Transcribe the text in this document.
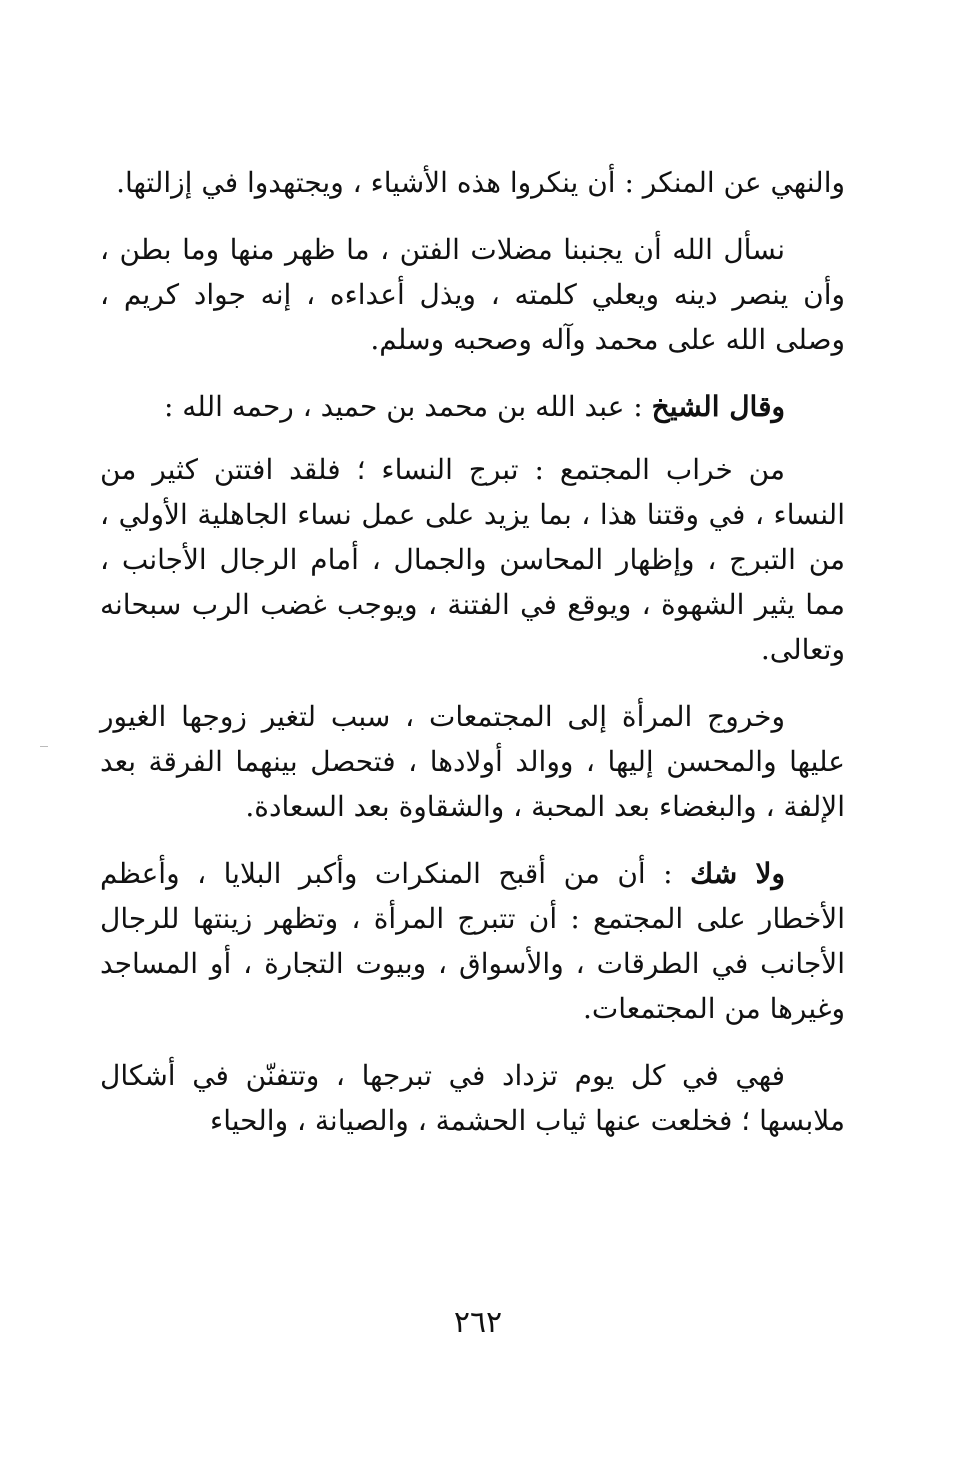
والنهي عن المنكر : أن ينكروا هذه الأشياء ، ويجتهدوا في إزالتها.

نسأل الله أن يجنبنا مضلات الفتن ، ما ظهر منها وما بطن ، وأن ينصر دينه ويعلي كلمته ، ويذل أعداءه ، إنه جواد كريم ، وصلى الله على محمد وآله وصحبه وسلم.

وقال الشيخ : عبد الله بن محمد بن حميد ، رحمه الله :

من خراب المجتمع : تبرج النساء ؛ فلقد افتتن كثير من النساء ، في وقتنا هذا ، بما يزيد على عمل نساء الجاهلية الأولي ، من التبرج ، وإظهار المحاسن والجمال ، أمام الرجال الأجانب ، مما يثير الشهوة ، ويوقع في الفتنة ، ويوجب غضب الرب سبحانه وتعالى.

وخروج المرأة إلى المجتمعات ، سبب لتغير زوجها الغيور عليها والمحسن إليها ، ووالد أولادها ، فتحصل بينهما الفرقة بعد الإلفة ، والبغضاء بعد المحبة ، والشقاوة بعد السعادة.

ولا شك : أن من أقبح المنكرات وأكبر البلايا ، وأعظم الأخطار على المجتمع : أن تتبرج المرأة ، وتظهر زينتها للرجال الأجانب في الطرقات ، والأسواق ، وبيوت التجارة ، أو المساجد وغيرها من المجتمعات.

فهي في كل يوم تزداد في تبرجها ، وتتفنّن في أشكال ملابسها ؛ فخلعت عنها ثياب الحشمة ، والصيانة ، والحياء

٢٦٢
